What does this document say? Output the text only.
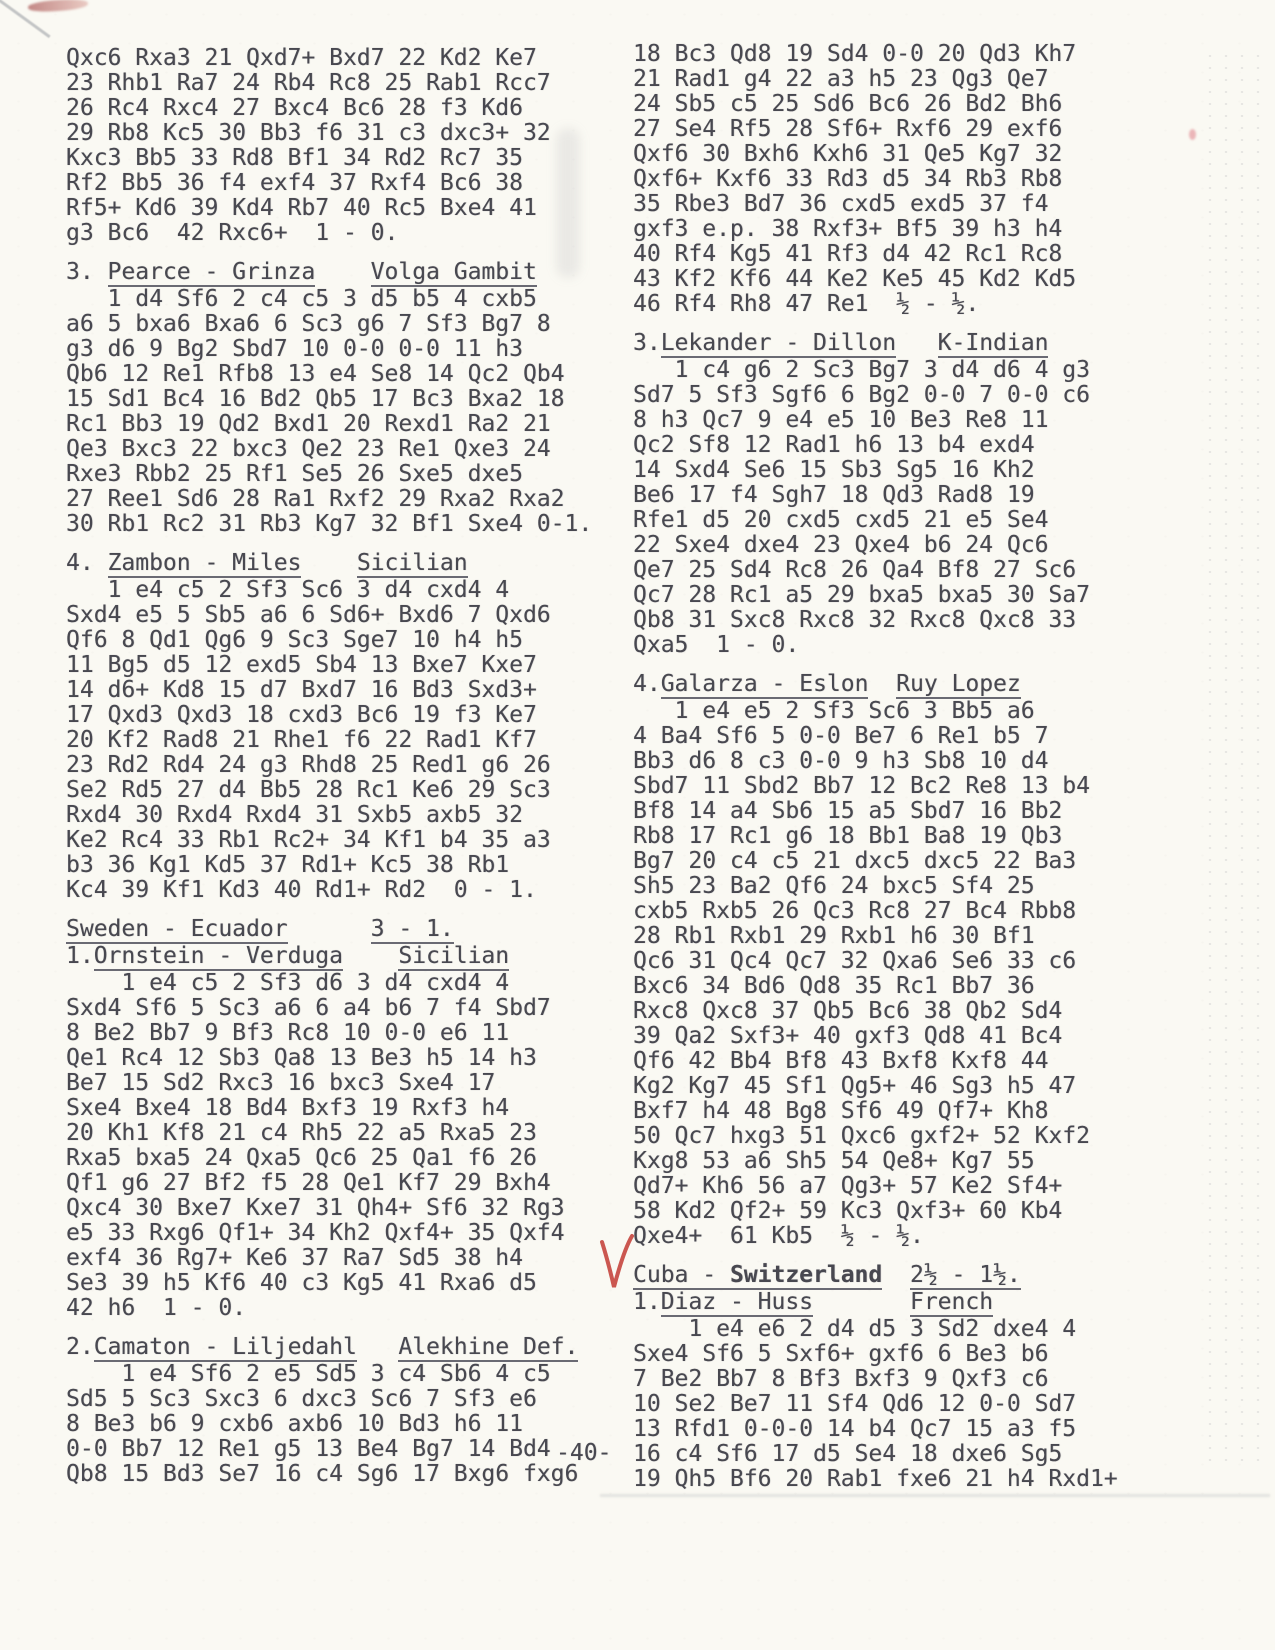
Qxc6 Rxa3 21 Qxd7+ Bxd7 22 Kd2 Ke7
23 Rhb1 Ra7 24 Rb4 Rc8 25 Rab1 Rcc7
26 Rc4 Rxc4 27 Bxc4 Bc6 28 f3 Kd6
29 Rb8 Kc5 30 Bb3 f6 31 c3 dxc3+ 32
Kxc3 Bb5 33 Rd8 Bf1 34 Rd2 Rc7 35
Rf2 Bb5 36 f4 exf4 37 Rxf4 Bc6 38
Rf5+ Kd6 39 Kd4 Rb7 40 Rc5 Bxe4 41
g3 Bc6  42 Rxc6+  1 - 0.
3. Pearce - Grinza Volga Gambit
1 d4 Sf6 2 c4 c5 3 d5 b5 4 cxb5
a6 5 bxa6 Bxa6 6 Sc3 g6 7 Sf3 Bg7 8
g3 d6 9 Bg2 Sbd7 10 0-0 0-0 11 h3
Qb6 12 Re1 Rfb8 13 e4 Se8 14 Qc2 Qb4
15 Sd1 Bc4 16 Bd2 Qb5 17 Bc3 Bxa2 18
Rc1 Bb3 19 Qd2 Bxd1 20 Rexd1 Ra2 21
Qe3 Bxc3 22 bxc3 Qe2 23 Re1 Qxe3 24
Rxe3 Rbb2 25 Rf1 Se5 26 Sxe5 dxe5
27 Ree1 Sd6 28 Ra1 Rxf2 29 Rxa2 Rxa2
30 Rb1 Rc2 31 Rb3 Kg7 32 Bf1 Sxe4 0-1.
4. Zambon - Miles Sicilian
1 e4 c5 2 Sf3 Sc6 3 d4 cxd4 4
Sxd4 e5 5 Sb5 a6 6 Sd6+ Bxd6 7 Qxd6
Qf6 8 Qd1 Qg6 9 Sc3 Sge7 10 h4 h5
11 Bg5 d5 12 exd5 Sb4 13 Bxe7 Kxe7
14 d6+ Kd8 15 d7 Bxd7 16 Bd3 Sxd3+
17 Qxd3 Qxd3 18 cxd3 Bc6 19 f3 Ke7
20 Kf2 Rad8 21 Rhe1 f6 22 Rad1 Kf7
23 Rd2 Rd4 24 g3 Rhd8 25 Red1 g6 26
Se2 Rd5 27 d4 Bb5 28 Rc1 Ke6 29 Sc3
Rxd4 30 Rxd4 Rxd4 31 Sxb5 axb5 32
Ke2 Rc4 33 Rb1 Rc2+ 34 Kf1 b4 35 a3
b3 36 Kg1 Kd5 37 Rd1+ Kc5 38 Rb1
Kc4 39 Kf1 Kd3 40 Rd1+ Rd2  0 - 1.
Sweden - Ecuador	3 - 1.
1.Ornstein - Verduga Sicilian
1 e4 c5 2 Sf3 d6 3 d4 cxd4 4
Sxd4 Sf6 5 Sc3 a6 6 a4 b6 7 f4 Sbd7
8 Be2 Bb7 9 Bf3 Rc8 10 0-0 e6 11
Qe1 Rc4 12 Sb3 Qa8 13 Be3 h5 14 h3
Be7 15 Sd2 Rxc3 16 bxc3 Sxe4 17
Sxe4 Bxe4 18 Bd4 Bxf3 19 Rxf3 h4
20 Kh1 Kf8 21 c4 Rh5 22 a5 Rxa5 23
Rxa5 bxa5 24 Qxa5 Qc6 25 Qa1 f6 26
Qf1 g6 27 Bf2 f5 28 Qe1 Kf7 29 Bxh4
Qxc4 30 Bxe7 Kxe7 31 Qh4+ Sf6 32 Rg3
e5 33 Rxg6 Qf1+ 34 Kh2 Qxf4+ 35 Qxf4
exf4 36 Rg7+ Ke6 37 Ra7 Sd5 38 h4
Se3 39 h5 Kf6 40 c3 Kg5 41 Rxa6 d5
42 h6  1 - 0.
2.Camaton - Liljedahl Alekhine Def.
1 e4 Sf6 2 e5 Sd5 3 c4 Sb6 4 c5
Sd5 5 Sc3 Sxc3 6 dxc3 Sc6 7 Sf3 e6
8 Be3 b6 9 cxb6 axb6 10 Bd3 h6 11
0-0 Bb7 12 Re1 g5 13 Be4 Bg7 14 Bd4
Qb8 15 Bd3 Se7 16 c4 Sg6 17 Bxg6 fxg6
18 Bc3 Qd8 19 Sd4 0-0 20 Qd3 Kh7
21 Rad1 g4 22 a3 h5 23 Qg3 Qe7
24 Sb5 c5 25 Sd6 Bc6 26 Bd2 Bh6
27 Se4 Rf5 28 Sf6+ Rxf6 29 exf6
Qxf6 30 Bxh6 Kxh6 31 Qe5 Kg7 32
Qxf6+ Kxf6 33 Rd3 d5 34 Rb3 Rb8
35 Rbe3 Bd7 36 cxd5 exd5 37 f4
gxf3 e.p. 38 Rxf3+ Bf5 39 h3 h4
40 Rf4 Kg5 41 Rf3 d4 42 Rc1 Rc8
43 Kf2 Kf6 44 Ke2 Ke5 45 Kd2 Kd5
46 Rf4 Rh8 47 Re1  ½ - ½.
3.Lekander - Dillon K-Indian
1 c4 g6 2 Sc3 Bg7 3 d4 d6 4 g3
Sd7 5 Sf3 Sgf6 6 Bg2 0-0 7 0-0 c6
8 h3 Qc7 9 e4 e5 10 Be3 Re8 11
Qc2 Sf8 12 Rad1 h6 13 b4 exd4
14 Sxd4 Se6 15 Sb3 Sg5 16 Kh2
Be6 17 f4 Sgh7 18 Qd3 Rad8 19
Rfe1 d5 20 cxd5 cxd5 21 e5 Se4
22 Sxe4 dxe4 23 Qxe4 b6 24 Qc6
Qe7 25 Sd4 Rc8 26 Qa4 Bf8 27 Sc6
Qc7 28 Rc1 a5 29 bxa5 bxa5 30 Sa7
Qb8 31 Sxc8 Rxc8 32 Rxc8 Qxc8 33
Qxa5  1 - 0.
4.Galarza - Eslon Ruy Lopez
1 e4 e5 2 Sf3 Sc6 3 Bb5 a6
4 Ba4 Sf6 5 0-0 Be7 6 Re1 b5 7
Bb3 d6 8 c3 0-0 9 h3 Sb8 10 d4
Sbd7 11 Sbd2 Bb7 12 Bc2 Re8 13 b4
Bf8 14 a4 Sb6 15 a5 Sbd7 16 Bb2
Rb8 17 Rc1 g6 18 Bb1 Ba8 19 Qb3
Bg7 20 c4 c5 21 dxc5 dxc5 22 Ba3
Sh5 23 Ba2 Qf6 24 bxc5 Sf4 25
cxb5 Rxb5 26 Qc3 Rc8 27 Bc4 Rbb8
28 Rb1 Rxb1 29 Rxb1 h6 30 Bf1
Qc6 31 Qc4 Qc7 32 Qxa6 Se6 33 c6
Bxc6 34 Bd6 Qd8 35 Rc1 Bb7 36
Rxc8 Qxc8 37 Qb5 Bc6 38 Qb2 Sd4
39 Qa2 Sxf3+ 40 gxf3 Qd8 41 Bc4
Qf6 42 Bb4 Bf8 43 Bxf8 Kxf8 44
Kg2 Kg7 45 Sf1 Qg5+ 46 Sg3 h5 47
Bxf7 h4 48 Bg8 Sf6 49 Qf7+ Kh8
50 Qc7 hxg3 51 Qxc6 gxf2+ 52 Kxf2
Kxg8 53 a6 Sh5 54 Qe8+ Kg7 55
Qd7+ Kh6 56 a7 Qg3+ 57 Ke2 Sf4+
58 Kd2 Qf2+ 59 Kc3 Qxf3+ 60 Kb4
Qxe4+  61 Kb5  ½ - ½.
Cuba - Switzerland 2½ - 1½.
1.Diaz - Huss	French
1 e4 e6 2 d4 d5 3 Sd2 dxe4 4
Sxe4 Sf6 5 Sxf6+ gxf6 6 Be3 b6
7 Be2 Bb7 8 Bf3 Bxf3 9 Qxf3 c6
10 Se2 Be7 11 Sf4 Qd6 12 0-0 Sd7
13 Rfd1 0-0-0 14 b4 Qc7 15 a3 f5
16 c4 Sf6 17 d5 Se4 18 dxe6 Sg5
19 Qh5 Bf6 20 Rab1 fxe6 21 h4 Rxd1+
-40-
